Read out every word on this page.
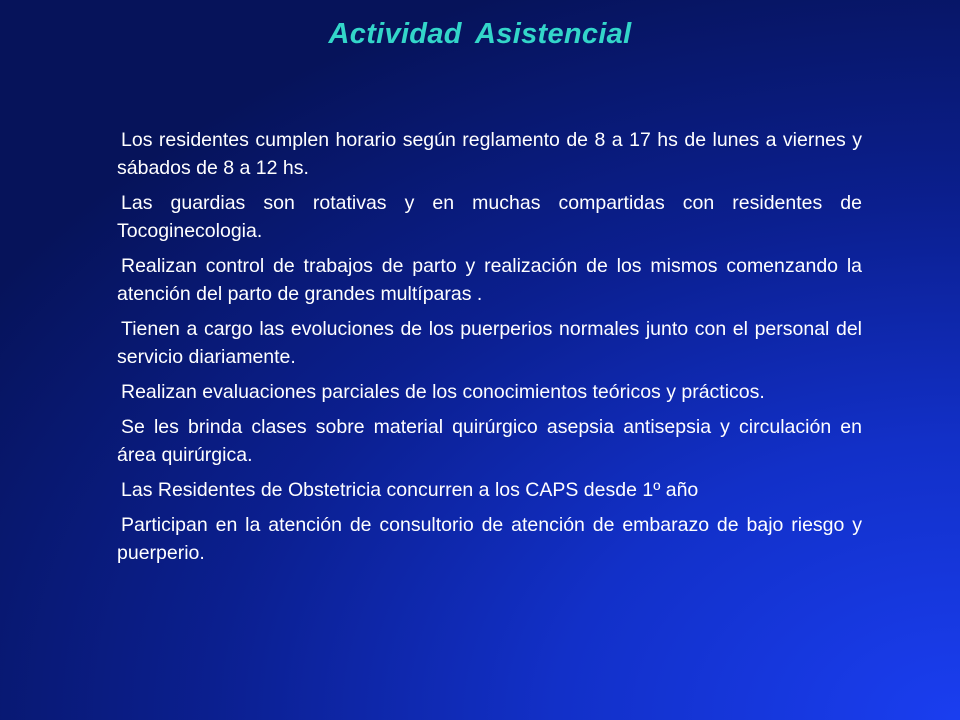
Actividad Asistencial

Los residentes cumplen horario según reglamento de 8 a 17 hs de lunes a viernes y sábados de 8 a 12 hs.

Las guardias son rotativas y en muchas compartidas con residentes de Tocoginecologia.

Realizan control de trabajos de parto y realización de los mismos comenzando la atención del parto de grandes multíparas .

Tienen a cargo las evoluciones de los puerperios normales junto con el personal del servicio diariamente.

Realizan evaluaciones parciales de los conocimientos teóricos y prácticos.

Se les brinda clases sobre material quirúrgico asepsia antisepsia y circulación en área quirúrgica.

Las Residentes de Obstetricia concurren a los CAPS desde 1º año

Participan en la atención de consultorio de atención de embarazo de bajo riesgo y puerperio.
